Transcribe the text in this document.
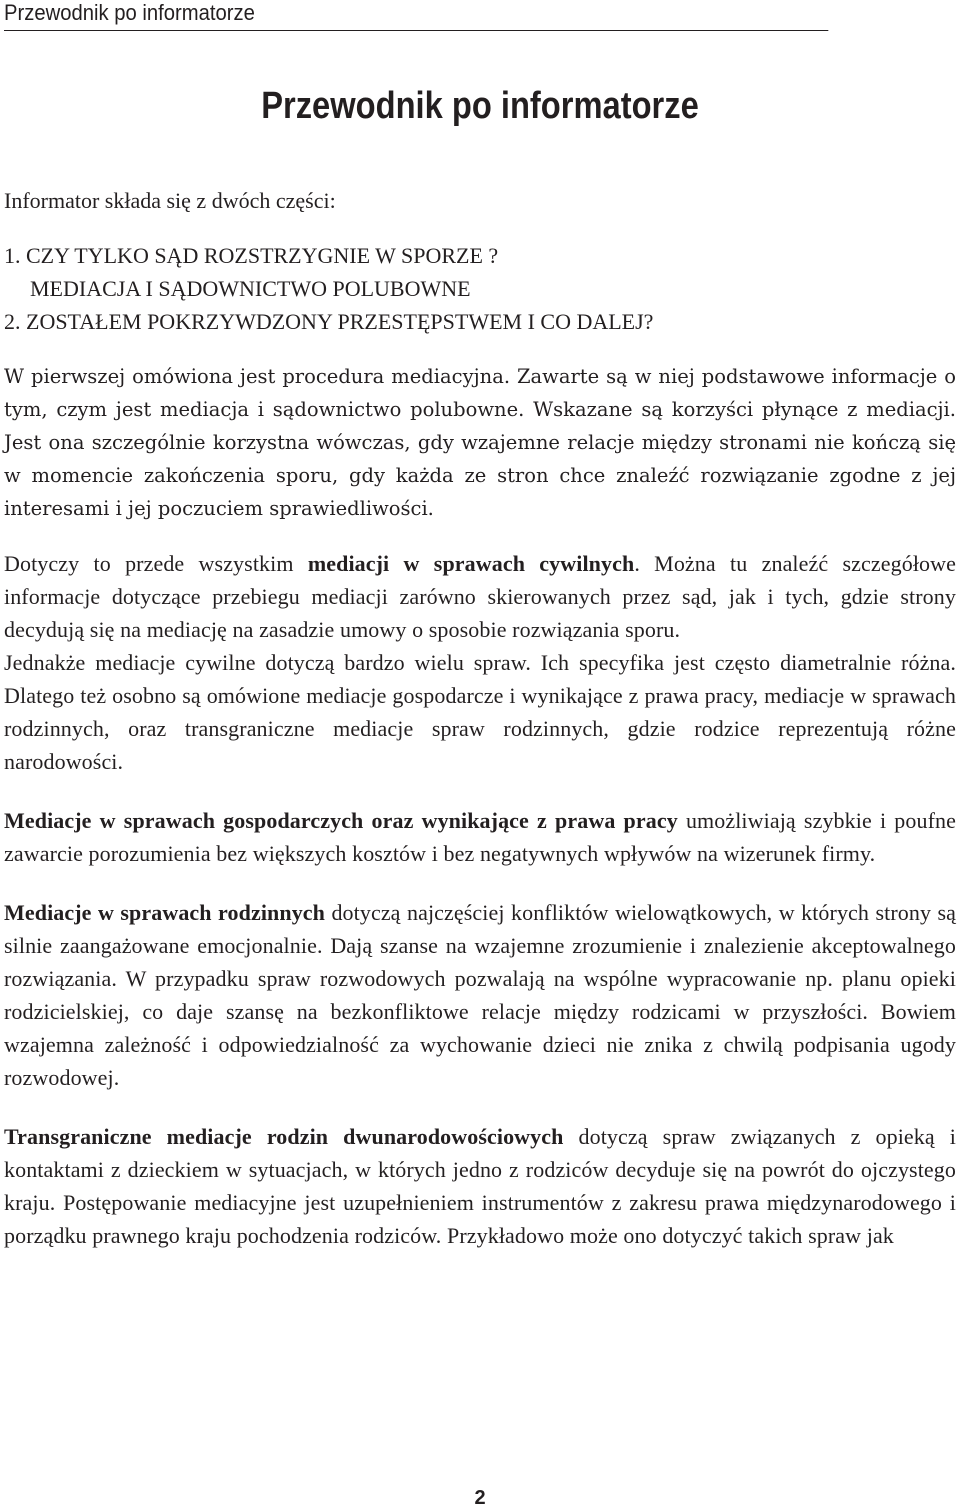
Przewodnik po informatorze
Przewodnik po informatorze

Informator składa się z dwóch części:

1. CZY TYLKO SĄD ROZSTRZYGNIE W SPORZE ?
MEDIACJA I SĄDOWNICTWO POLUBOWNE
2. ZOSTAŁEM POKRZYWDZONY PRZESTĘPSTWEM I CO DALEJ?

W pierwszej omówiona jest procedura mediacyjna. Zawarte są w niej podstawowe informacje o tym, czym jest mediacja i sądownictwo polubowne. Wskazane są korzyści płynące z mediacji. Jest ona szczególnie korzystna wówczas, gdy wzajemne relacje między stronami nie kończą się w momencie zakończenia sporu, gdy każda ze stron chce znaleźć rozwiązanie zgodne z jej interesami i jej poczuciem sprawiedliwości.

Dotyczy to przede wszystkim mediacji w sprawach cywilnych. Można tu znaleźć szczegółowe informacje dotyczące przebiegu mediacji zarówno skierowanych przez sąd, jak i tych, gdzie strony decydują się na mediację na zasadzie umowy o sposobie rozwiązania sporu.

Jednakże mediacje cywilne dotyczą bardzo wielu spraw. Ich specyfika jest często diametralnie różna. Dlatego też osobno są omówione mediacje gospodarcze i wynikające z prawa pracy, mediacje w sprawach rodzinnych, oraz transgraniczne mediacje spraw rodzinnych, gdzie rodzice reprezentują różne narodowości.

Mediacje w sprawach gospodarczych oraz wynikające z prawa pracy umożliwiają szybkie i poufne zawarcie porozumienia bez większych kosztów i bez negatywnych wpływów na wizerunek firmy.

Mediacje w sprawach rodzinnych dotyczą najczęściej konfliktów wielowątkowych, w których strony są silnie zaangażowane emocjonalnie. Dają szanse na wzajemne zrozumienie i znalezienie akceptowalnego rozwiązania. W przypadku spraw rozwodowych pozwalają na wspólne wypracowanie np. planu opieki rodzicielskiej, co daje szansę na bezkonfliktowe relacje między rodzicami w przyszłości. Bowiem wzajemna zależność i odpowiedzialność za wychowanie dzieci nie znika z chwilą podpisania ugody rozwodowej.

Transgraniczne mediacje rodzin dwunarodowościowych dotyczą spraw związanych z opieką i kontaktami z dzieckiem w sytuacjach, w których jedno z rodziców decyduje się na powrót do ojczystego kraju. Postępowanie mediacyjne jest uzupełnieniem instrumentów z zakresu prawa międzynarodowego i porządku prawnego kraju pochodzenia rodziców. Przykładowo może ono dotyczyć takich spraw jak

2
